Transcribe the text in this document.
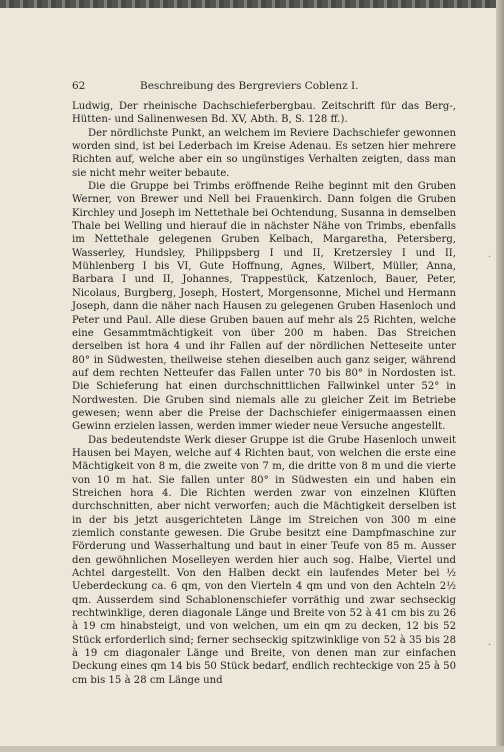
62	Beschreibung des Bergreviers Coblenz I.

Ludwig, Der rheinische Dachschieferbergbau. Zeitschrift für das Berg-, Hütten- und Salinenwesen Bd. XV, Abth. B, S. 128 ff.).

Der nördlichste Punkt, an welchem im Reviere Dachschiefer gewonnen worden sind, ist bei Lederbach im Kreise Adenau. Es setzen hier mehrere Richten auf, welche aber ein so ungünstiges Verhalten zeigten, dass man sie nicht mehr weiter bebaute.

Die die Gruppe bei Trimbs eröffnende Reihe beginnt mit den Gruben Werner, von Brewer und Nell bei Frauenkirch. Dann folgen die Gruben Kirchley und Joseph im Nettethale bei Ochtendung, Susanna in demselben Thale bei Welling und hierauf die in nächster Nähe von Trimbs, ebenfalls im Nettethale gelegenen Gruben Kelbach, Margaretha, Petersberg, Wasserley, Hundsley, Philippsberg I und II, Kretzersley I und II, Mühlenberg I bis VI, Gute Hoffnung, Agnes, Wilbert, Müller, Anna, Barbara I und II, Johannes, Trappestück, Katzenloch, Bauer, Peter, Nicolaus, Burgberg, Joseph, Hostert, Morgensonne, Michel und Hermann Joseph, dann die näher nach Hausen zu gelegenen Gruben Hasenloch und Peter und Paul. Alle diese Gruben bauen auf mehr als 25 Richten, welche eine Gesammtmächtigkeit von über 200 m haben. Das Streichen derselben ist hora 4 und ihr Fallen auf der nördlichen Netteseite unter 80° in Südwesten, theilweise stehen dieselben auch ganz seiger, während auf dem rechten Netteufer das Fallen unter 70 bis 80° in Nordosten ist. Die Schieferung hat einen durchschnittlichen Fallwinkel unter 52° in Nordwesten. Die Gruben sind niemals alle zu gleicher Zeit im Betriebe gewesen; wenn aber die Preise der Dachschiefer einigermaassen einen Gewinn erzielen lassen, werden immer wieder neue Versuche angestellt.

Das bedeutendste Werk dieser Gruppe ist die Grube Hasenloch unweit Hausen bei Mayen, welche auf 4 Richten baut, von welchen die erste eine Mächtigkeit von 8 m, die zweite von 7 m, die dritte von 8 m und die vierte von 10 m hat. Sie fallen unter 80° in Südwesten ein und haben ein Streichen hora 4. Die Richten werden zwar von einzelnen Klüften durchschnitten, aber nicht verworfen; auch die Mächtigkeit derselben ist in der bis jetzt ausgerichteten Länge im Streichen von 300 m eine ziemlich constante gewesen. Die Grube besitzt eine Dampfmaschine zur Förderung und Wasserhaltung und baut in einer Teufe von 85 m. Ausser den gewöhnlichen Moselleyen werden hier auch sog. Halbe, Viertel und Achtel dargestellt. Von den Halben deckt ein laufendes Meter bei ½ Ueberdeckung ca. 6 qm, von den Vierteln 4 qm und von den Achteln 2½ qm. Ausserdem sind Schablonenschiefer vorräthig und zwar sechseckig rechtwinklige, deren diagonale Länge und Breite von 52 à 41 cm bis zu 26 à 19 cm hinabsteigt, und von welchen, um ein qm zu decken, 12 bis 52 Stück erforderlich sind; ferner sechseckig spitzwinklige von 52 à 35 bis 28 à 19 cm diagonaler Länge und Breite, von denen man zur einfachen Deckung eines qm 14 bis 50 Stück bedarf, endlich rechteckige von 25 à 50 cm bis 15 à 28 cm Länge und

·
·
